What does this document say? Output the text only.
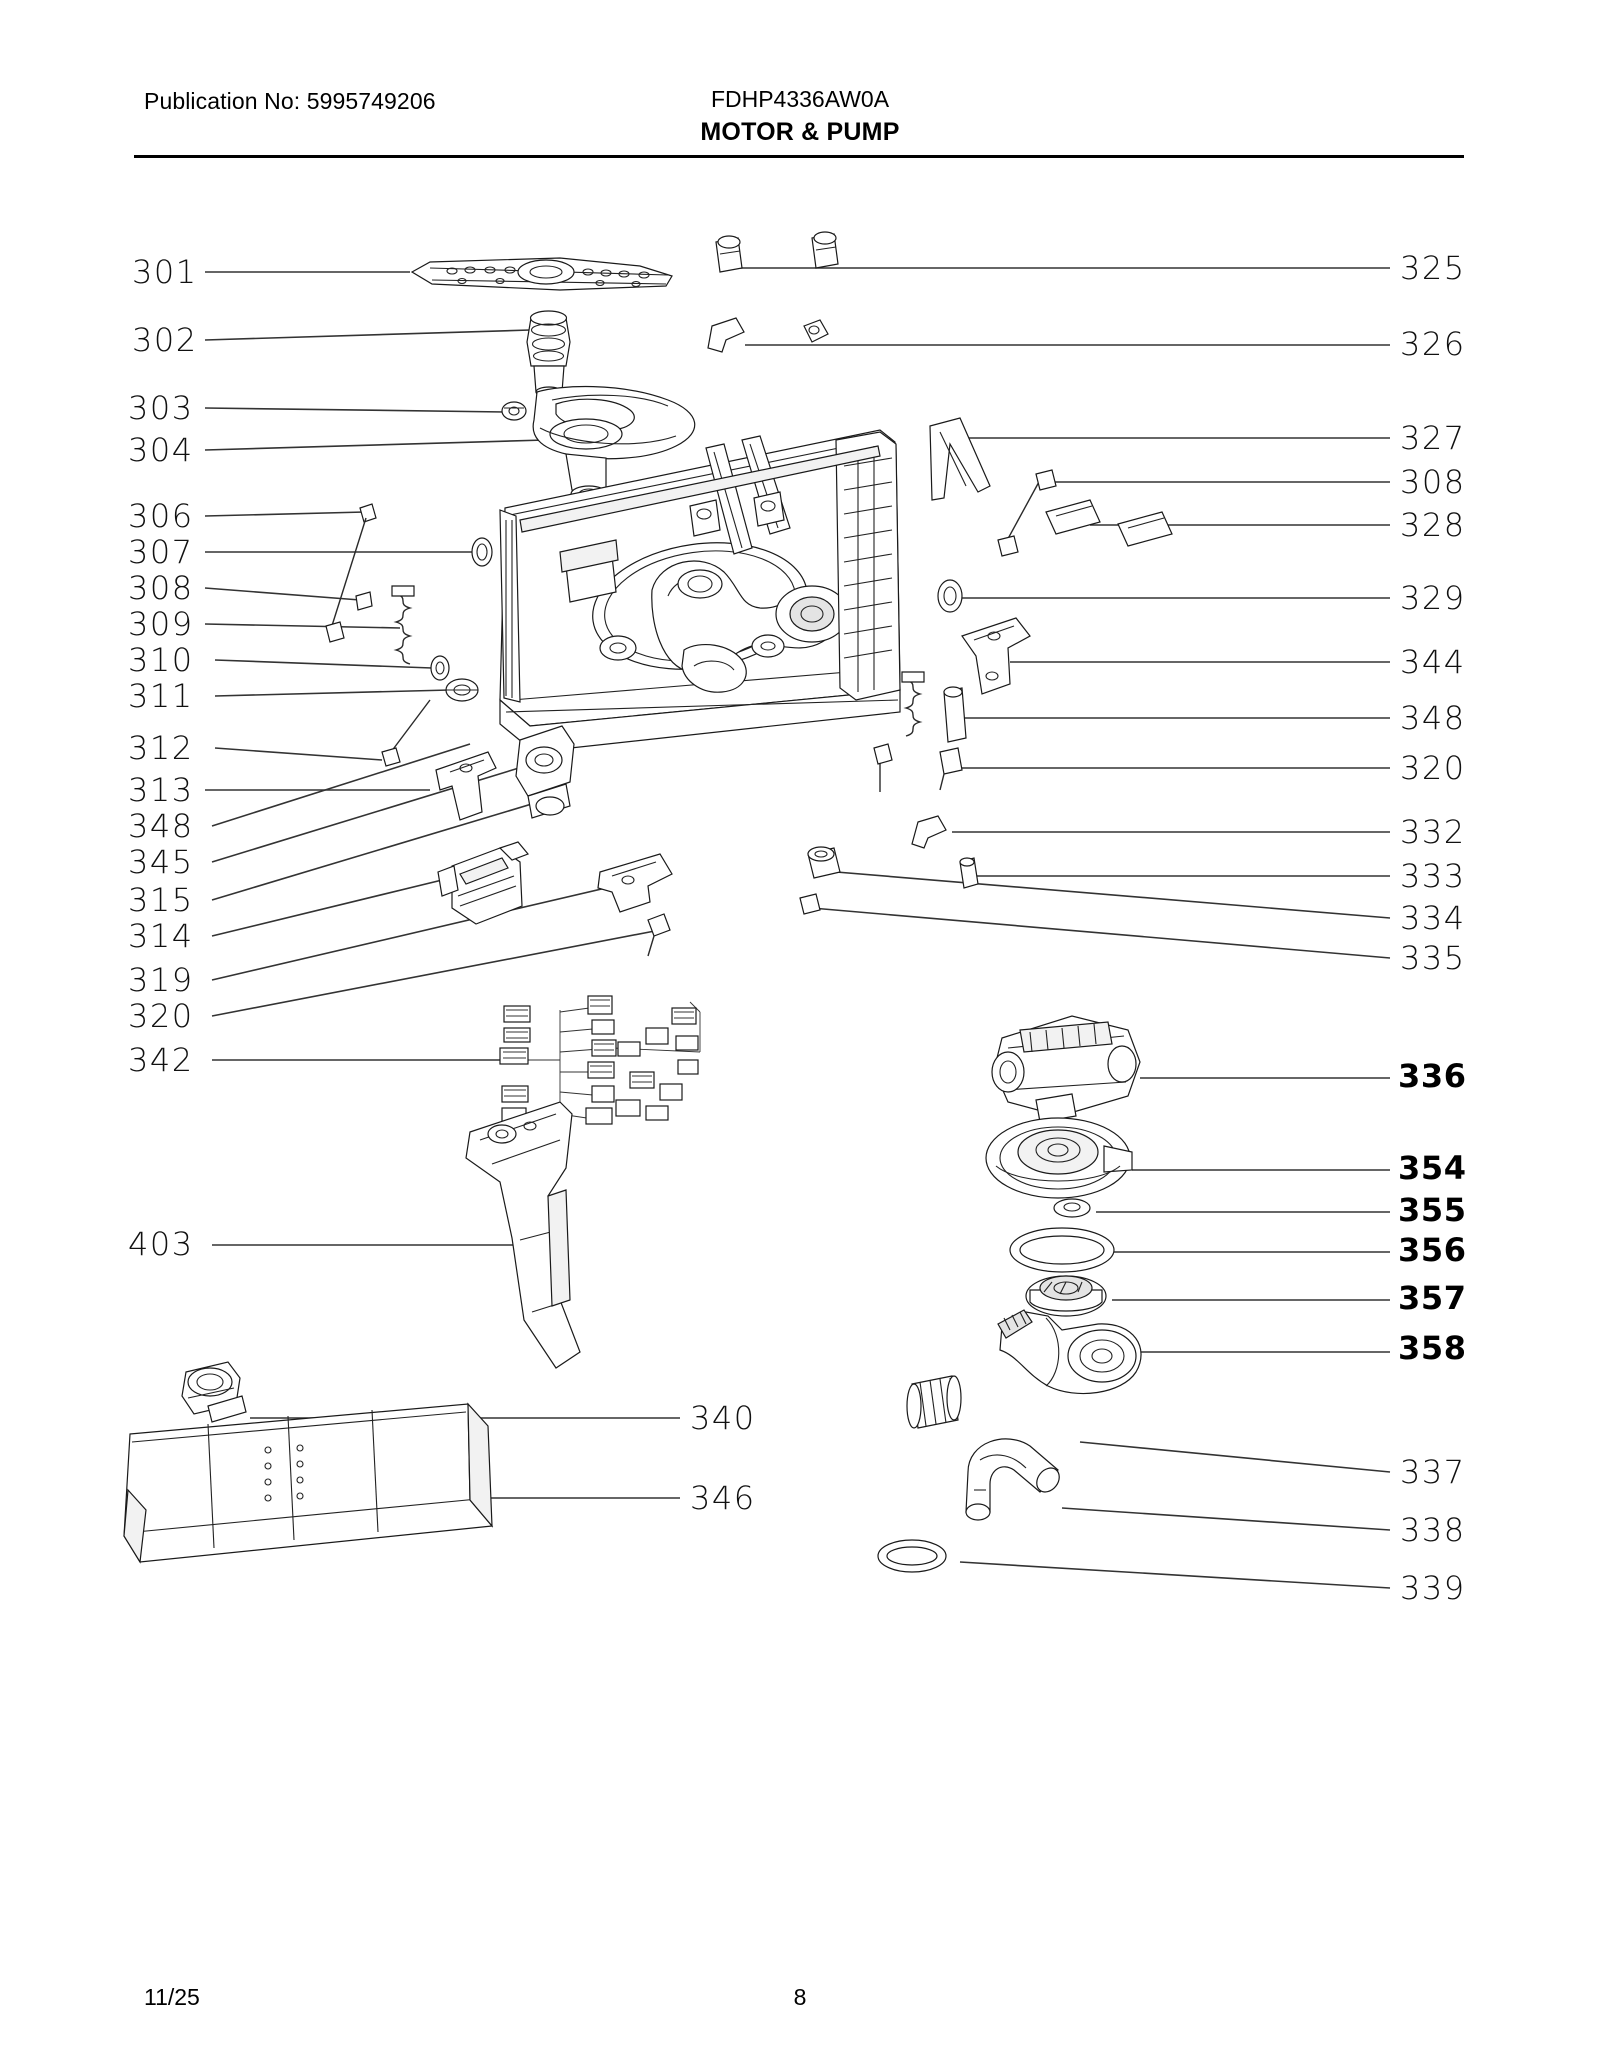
Publication No: 5995749206	FDHP4336AW0A
MOTOR & PUMP
301
302
303
304
306
307
308
309
310
311
312
313
348
345
315
314
319
320
342
403
325
326
327
308
328
329
344
348
320
332
333
334
335
336
354
355
356
357
358
337
338
339
340
346
11/25	8
